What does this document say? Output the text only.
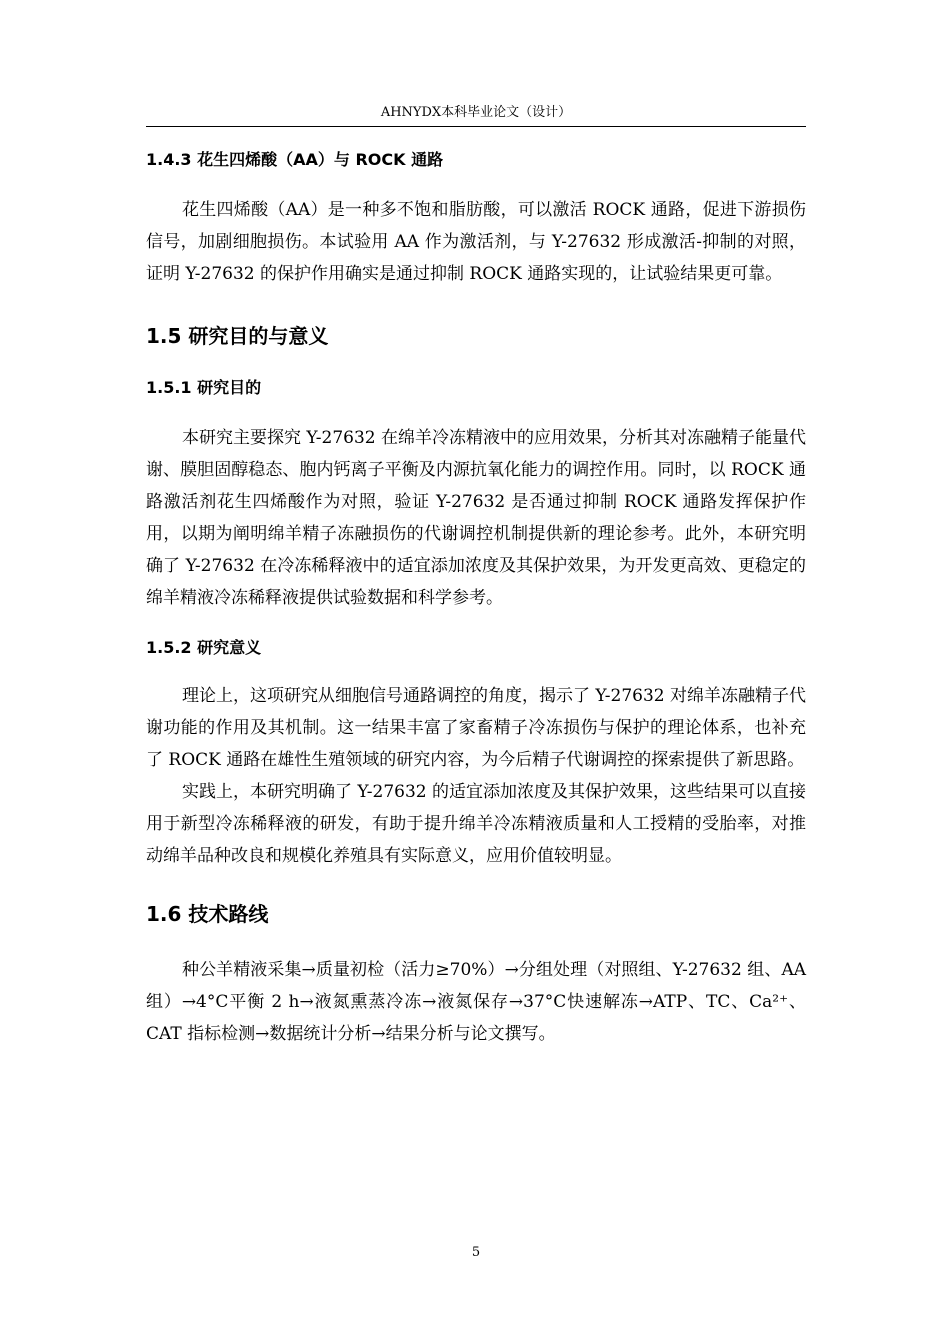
AHNYDX本科毕业论文（设计）
1.4.3 花生四烯酸（AA）与 ROCK 通路

花生四烯酸（AA）是一种多不饱和脂肪酸，可以激活 ROCK 通路，促进下游损伤信号，加剧细胞损伤。本试验用 AA 作为激活剂，与 Y-27632 形成激活-抑制的对照，证明 Y-27632 的保护作用确实是通过抑制 ROCK 通路实现的，让试验结果更可靠。

1.5 研究目的与意义
1.5.1 研究目的

本研究主要探究 Y-27632 在绵羊冷冻精液中的应用效果，分析其对冻融精子能量代谢、膜胆固醇稳态、胞内钙离子平衡及内源抗氧化能力的调控作用。同时，以 ROCK 通路激活剂花生四烯酸作为对照，验证 Y-27632 是否通过抑制 ROCK 通路发挥保护作用，以期为阐明绵羊精子冻融损伤的代谢调控机制提供新的理论参考。此外，本研究明确了 Y-27632 在冷冻稀释液中的适宜添加浓度及其保护效果，为开发更高效、更稳定的绵羊精液冷冻稀释液提供试验数据和科学参考。

1.5.2 研究意义

理论上，这项研究从细胞信号通路调控的角度，揭示了 Y-27632 对绵羊冻融精子代谢功能的作用及其机制。这一结果丰富了家畜精子冷冻损伤与保护的理论体系，也补充了 ROCK 通路在雄性生殖领域的研究内容，为今后精子代谢调控的探索提供了新思路。

实践上，本研究明确了 Y-27632 的适宜添加浓度及其保护效果，这些结果可以直接用于新型冷冻稀释液的研发，有助于提升绵羊冷冻精液质量和人工授精的受胎率，对推动绵羊品种改良和规模化养殖具有实际意义，应用价值较明显。

1.6 技术路线

种公羊精液采集→质量初检（活力≥70%）→分组处理（对照组、Y-27632 组、AA 组）→4°C平衡 2 h→液氮熏蒸冷冻→液氮保存→37°C快速解冻→ATP、TC、Ca²⁺、CAT 指标检测→数据统计分析→结果分析与论文撰写。

5
